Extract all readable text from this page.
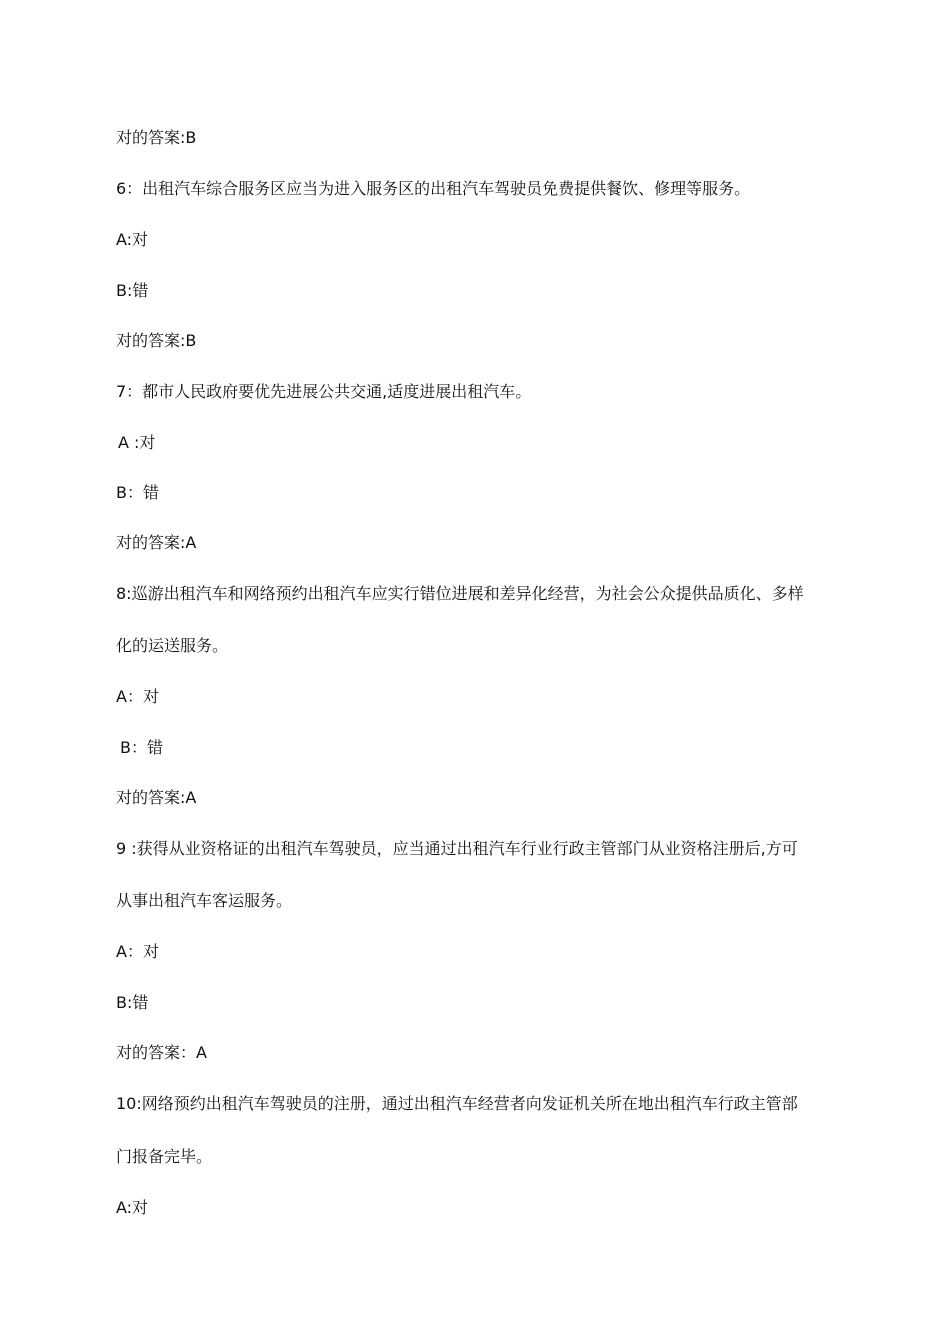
对的答案:B
6：出租汽车综合服务区应当为进入服务区的出租汽车驾驶员免费提供餐饮、修理等服务。
A:对
B:错
对的答案:B
7：都市人民政府要优先进展公共交通,适度进展出租汽车。
A :对
B：错
对的答案:A
8:巡游出租汽车和网络预约出租汽车应实行错位进展和差异化经营，为社会公众提供品质化、多样
化的运送服务。
A：对
B：错
对的答案:A
9 :获得从业资格证的出租汽车驾驶员，应当通过出租汽车行业行政主管部门从业资格注册后,方可
从事出租汽车客运服务。
A：对
B:错
对的答案：A
10:网络预约出租汽车驾驶员的注册，通过出租汽车经营者向发证机关所在地出租汽车行政主管部
门报备完毕。
A:对
